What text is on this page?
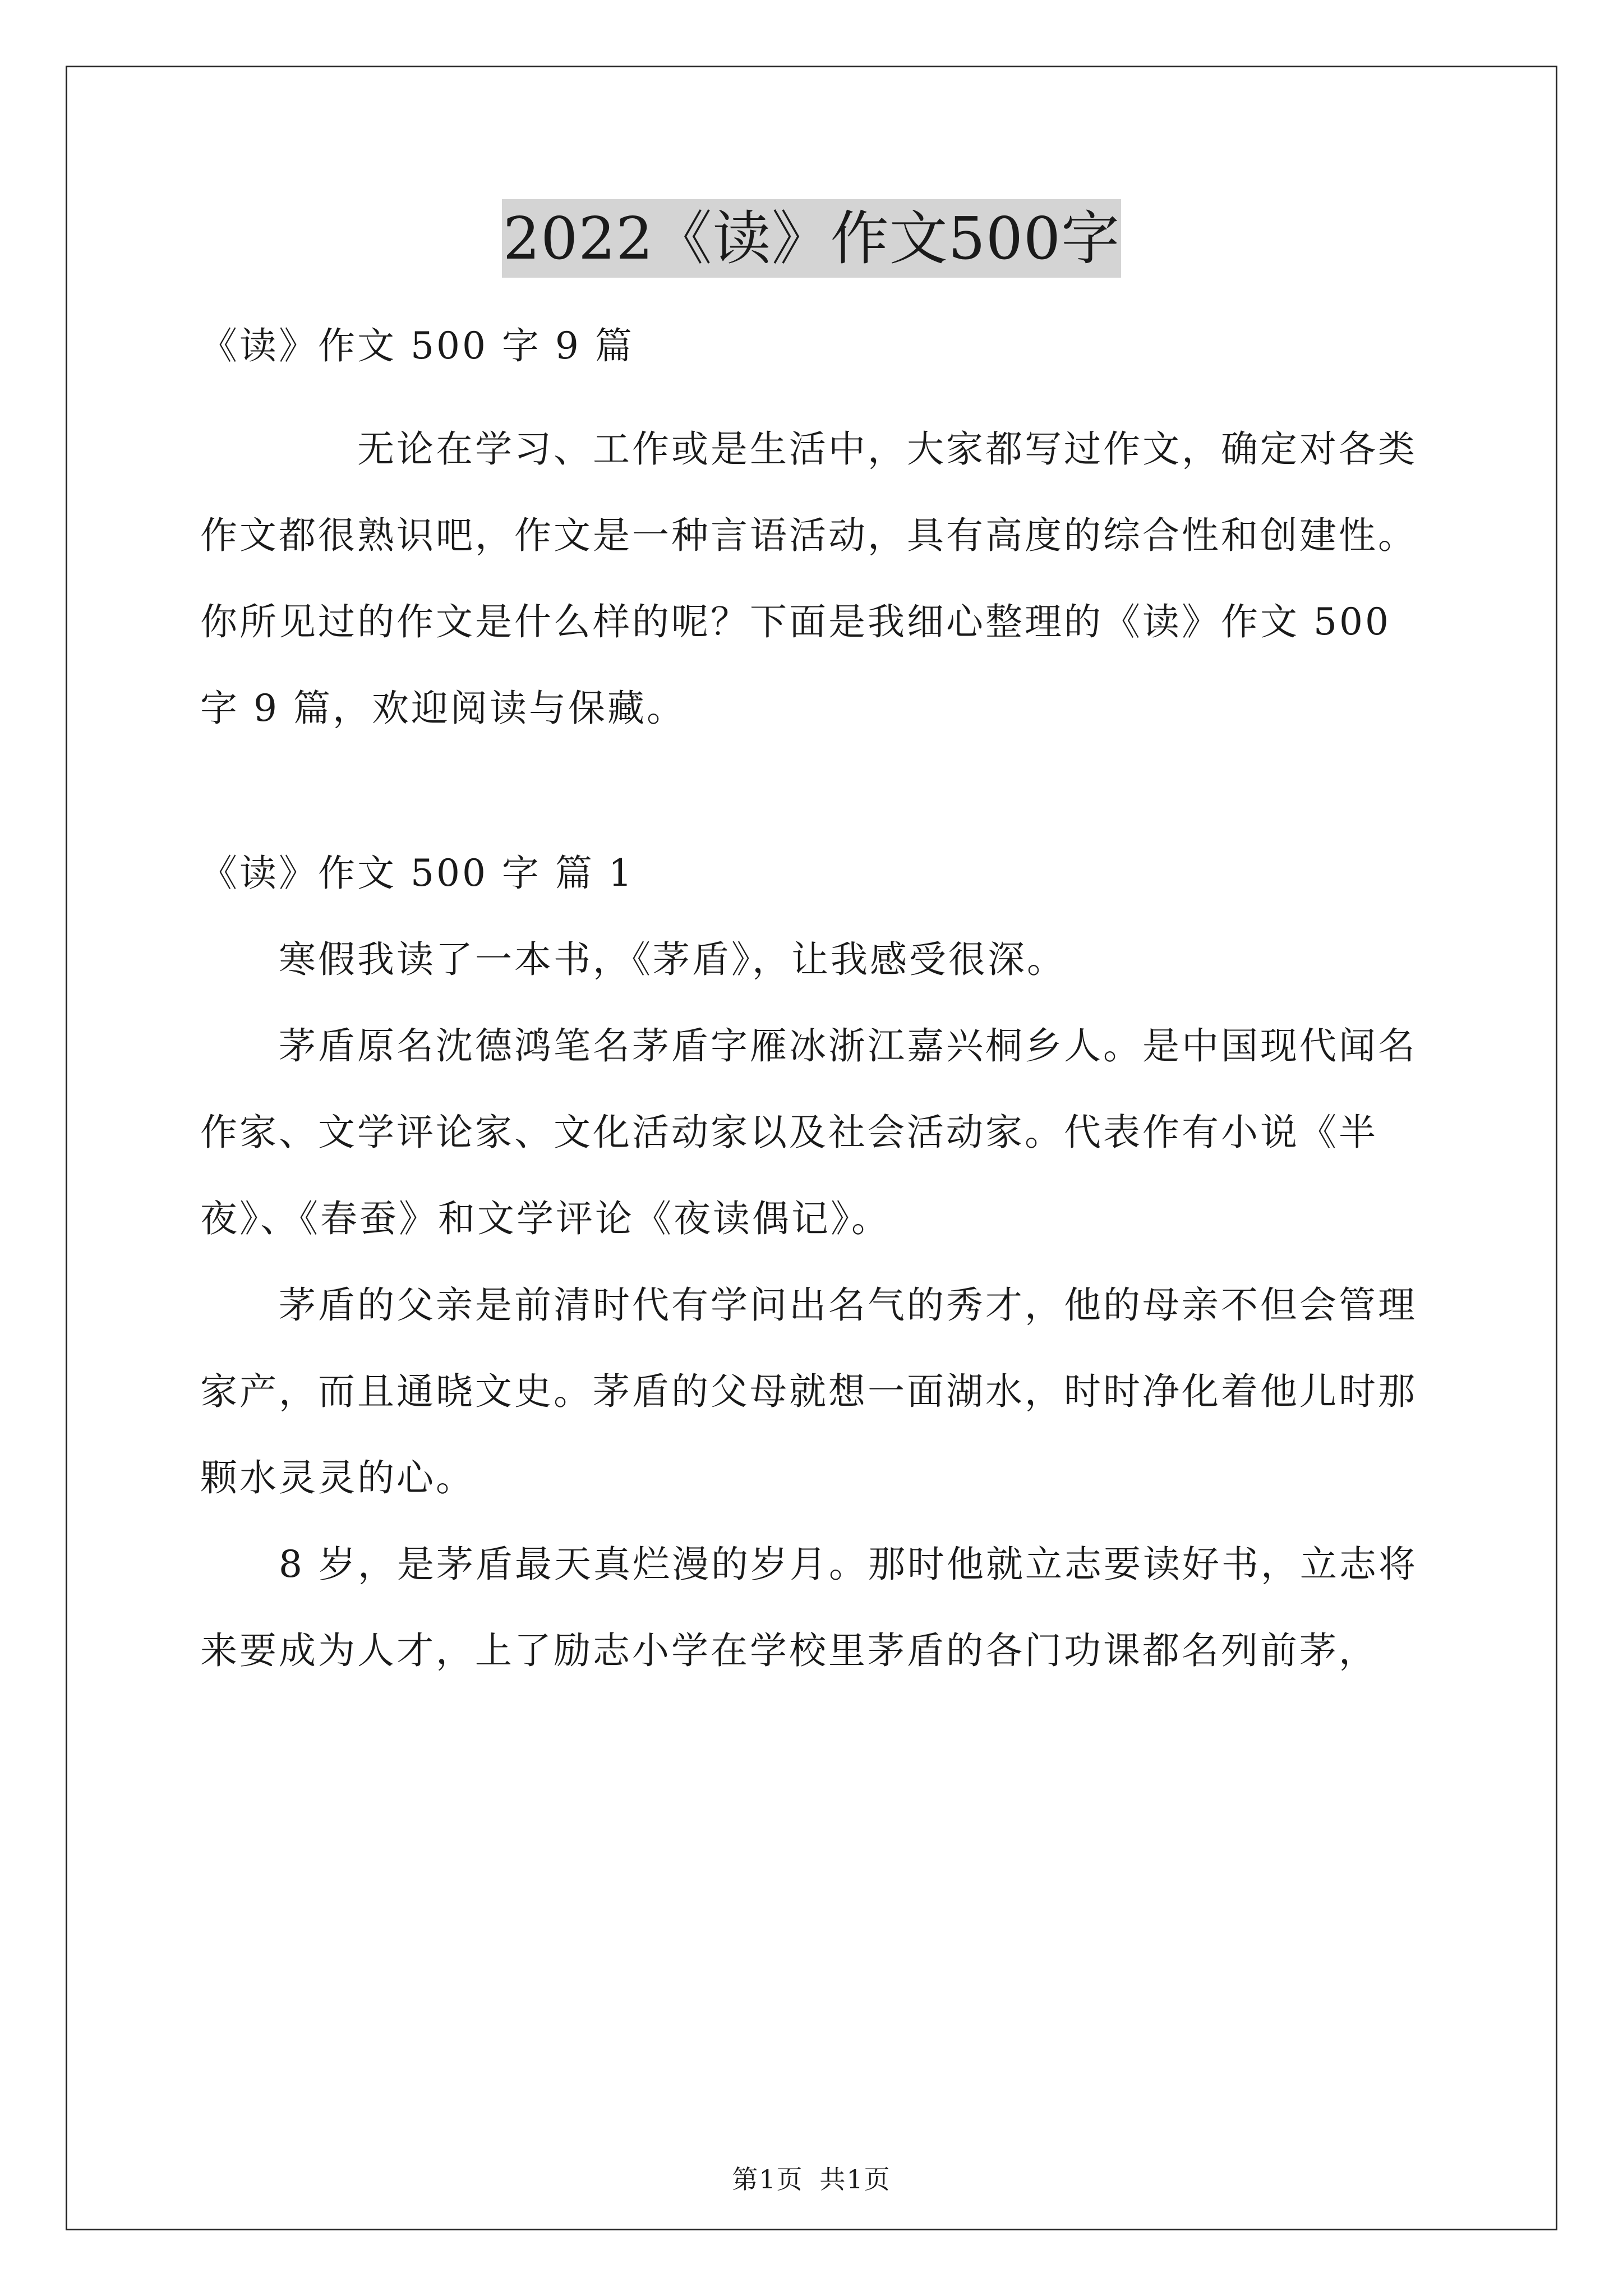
2022《读》作文500字

《读》作文 500 字 9 篇

无论在学习、工作或是生活中，大家都写过作文，确定对各类作文都很熟识吧，作文是一种言语活动，具有高度的综合性和创建性。你所见过的作文是什么样的呢？下面是我细心整理的《读》作文 500 字 9 篇，欢迎阅读与保藏。

《读》作文 500 字 篇 1

寒假我读了一本书，《茅盾》，让我感受很深。

茅盾原名沈德鸿笔名茅盾字雁冰浙江嘉兴桐乡人。是中国现代闻名作家、文学评论家、文化活动家以及社会活动家。代表作有小说《半夜》、《春蚕》和文学评论《夜读偶记》。

茅盾的父亲是前清时代有学问出名气的秀才，他的母亲不但会管理家产，而且通晓文史。茅盾的父母就想一面湖水，时时净化着他儿时那颗水灵灵的心。

8 岁，是茅盾最天真烂漫的岁月。那时他就立志要读好书，立志将来要成为人才，上了励志小学在学校里茅盾的各门功课都名列前茅，

第1页 共1页
